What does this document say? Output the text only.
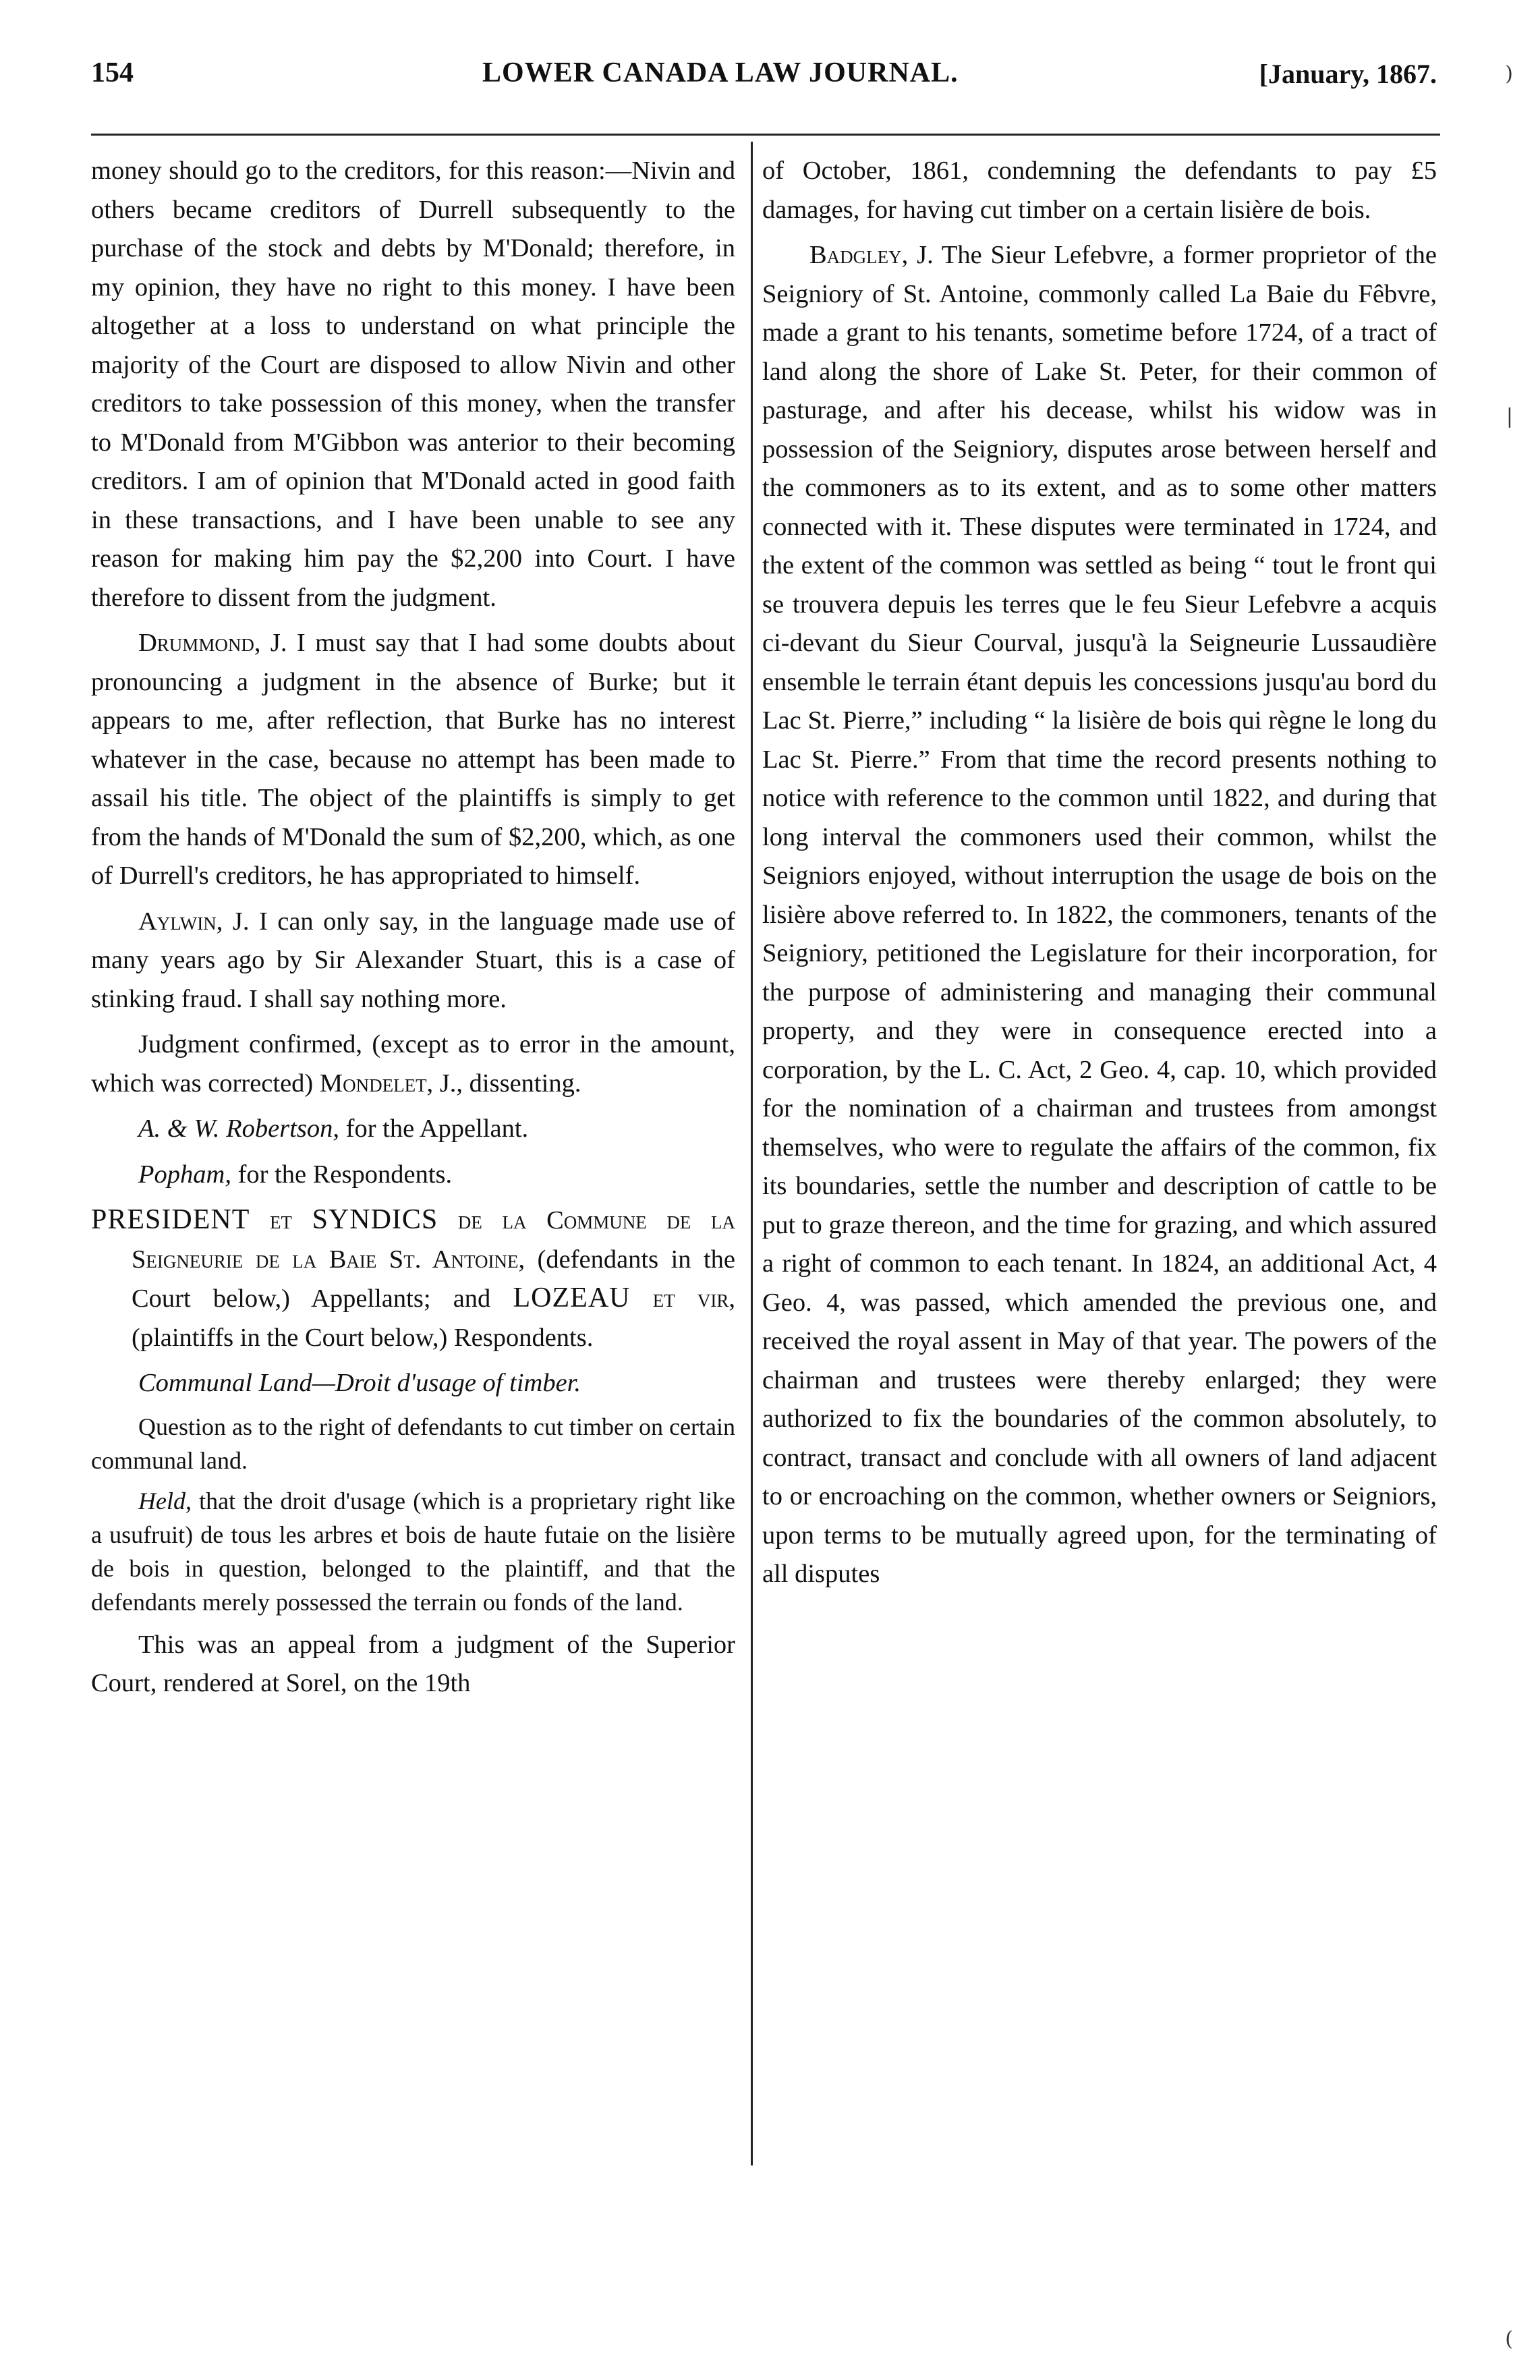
154	LOWER CANADA LAW JOURNAL.	[January, 1867.

money should go to the creditors, for this reason:—Nivin and others became creditors of Durrell subsequently to the purchase of the stock and debts by M'Donald; therefore, in my opinion, they have no right to this money. I have been altogether at a loss to understand on what principle the majority of the Court are disposed to allow Nivin and other creditors to take possession of this money, when the transfer to M'Donald from M'Gibbon was anterior to their becoming creditors. I am of opinion that M'Donald acted in good faith in these transactions, and I have been unable to see any reason for making him pay the $2,200 into Court. I have therefore to dissent from the judgment.

Drummond, J. I must say that I had some doubts about pronouncing a judgment in the absence of Burke; but it appears to me, after reflection, that Burke has no interest whatever in the case, because no attempt has been made to assail his title. The object of the plaintiffs is simply to get from the hands of M'Donald the sum of $2,200, which, as one of Durrell's creditors, he has appropriated to himself.

Aylwin, J. I can only say, in the language made use of many years ago by Sir Alexander Stuart, this is a case of stinking fraud. I shall say nothing more.

Judgment confirmed, (except as to error in the amount, which was corrected) Mondelet, J., dissenting.

A. & W. Robertson, for the Appellant.

Popham, for the Respondents.

PRESIDENT et SYNDICS de la Commune de la Seigneurie de la Baie St. Antoine, (defendants in the Court below,) Appellants; and LOZEAU et vir, (plaintiffs in the Court below,) Respondents.

Communal Land—Droit d'usage of timber.

Question as to the right of defendants to cut timber on certain communal land.

Held, that the droit d'usage (which is a proprietary right like a usufruit) de tous les arbres et bois de haute futaie on the lisière de bois in question, belonged to the plaintiff, and that the defendants merely possessed the terrain ou fonds of the land.

This was an appeal from a judgment of the Superior Court, rendered at Sorel, on the 19th

of October, 1861, condemning the defendants to pay £5 damages, for having cut timber on a certain lisière de bois.

Badgley, J. The Sieur Lefebvre, a former proprietor of the Seigniory of St. Antoine, commonly called La Baie du Fêbvre, made a grant to his tenants, sometime before 1724, of a tract of land along the shore of Lake St. Peter, for their common of pasturage, and after his decease, whilst his widow was in possession of the Seigniory, disputes arose between herself and the commoners as to its extent, and as to some other matters connected with it. These disputes were terminated in 1724, and the extent of the common was settled as being “ tout le front qui se trouvera depuis les terres que le feu Sieur Lefebvre a acquis ci-devant du Sieur Courval, jusqu'à la Seigneurie Lussaudière ensemble le terrain étant depuis les concessions jusqu'au bord du Lac St. Pierre,” including “ la lisière de bois qui règne le long du Lac St. Pierre.” From that time the record presents nothing to notice with reference to the common until 1822, and during that long interval the commoners used their common, whilst the Seigniors enjoyed, without interruption the usage de bois on the lisière above referred to. In 1822, the commoners, tenants of the Seigniory, petitioned the Legislature for their incorporation, for the purpose of administering and managing their communal property, and they were in consequence erected into a corporation, by the L. C. Act, 2 Geo. 4, cap. 10, which provided for the nomination of a chairman and trustees from amongst themselves, who were to regulate the affairs of the common, fix its boundaries, settle the number and description of cattle to be put to graze thereon, and the time for grazing, and which assured a right of common to each tenant. In 1824, an additional Act, 4 Geo. 4, was passed, which amended the previous one, and received the royal assent in May of that year. The powers of the chairman and trustees were thereby enlarged; they were authorized to fix the boundaries of the common absolutely, to contract, transact and conclude with all owners of land adjacent to or encroaching on the common, whether owners or Seigniors, upon terms to be mutually agreed upon, for the terminating of all disputes

)
|
(
